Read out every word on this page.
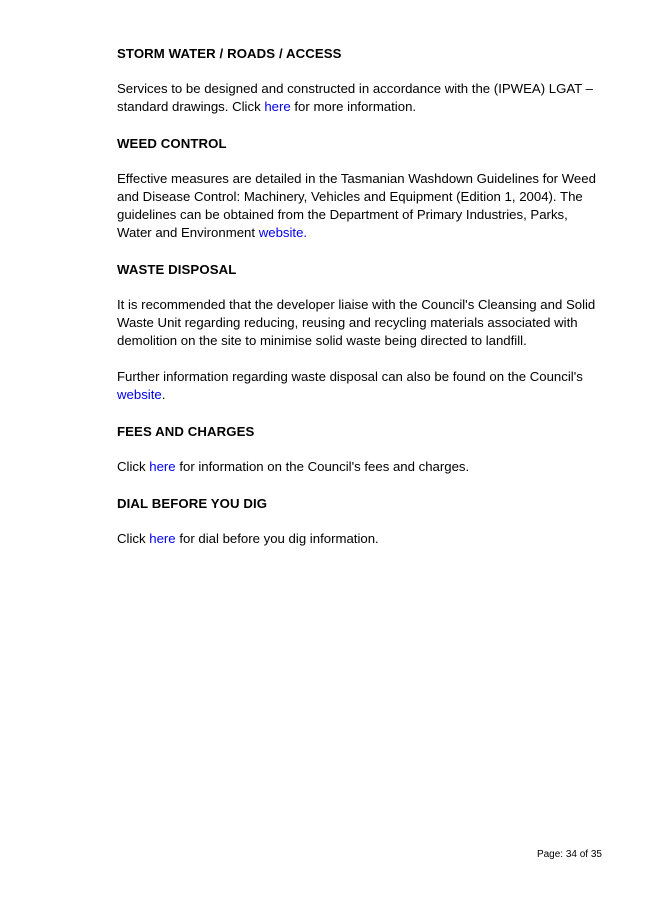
STORM WATER / ROADS / ACCESS

Services to be designed and constructed in accordance with the (IPWEA) LGAT – standard drawings. Click here for more information.

WEED CONTROL

Effective measures are detailed in the Tasmanian Washdown Guidelines for Weed and Disease Control: Machinery, Vehicles and Equipment (Edition 1, 2004). The guidelines can be obtained from the Department of Primary Industries, Parks, Water and Environment website.

WASTE DISPOSAL

It is recommended that the developer liaise with the Council's Cleansing and Solid Waste Unit regarding reducing, reusing and recycling materials associated with demolition on the site to minimise solid waste being directed to landfill.

Further information regarding waste disposal can also be found on the Council's website.

FEES AND CHARGES

Click here for information on the Council's fees and charges.

DIAL BEFORE YOU DIG

Click here for dial before you dig information.

Page: 34 of 35
